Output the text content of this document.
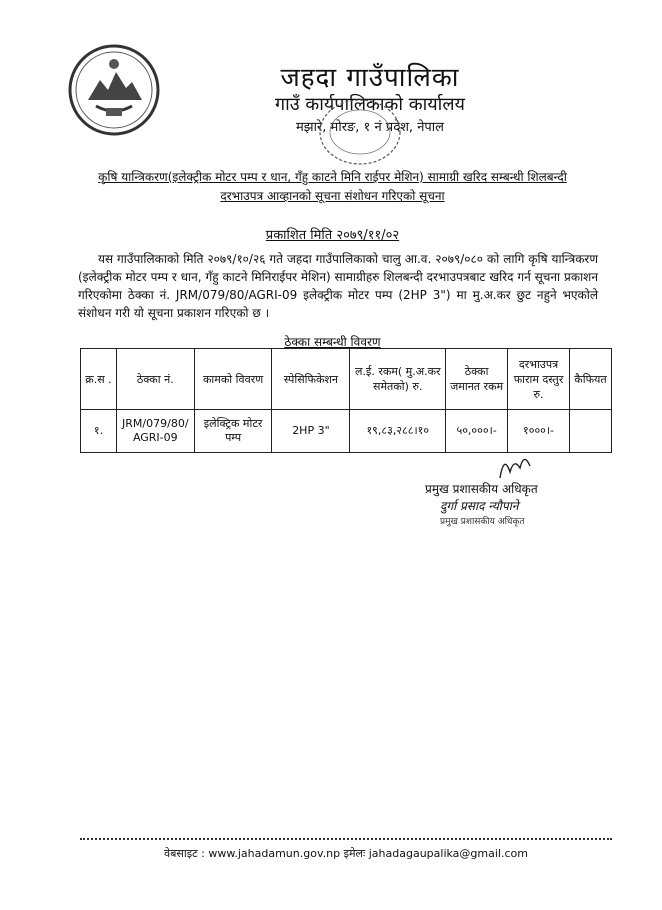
जहदा गाउँपालिका
गाउँ कार्यपालिकाको कार्यालय
मझारे, मोरङ, १ नं प्रदेश, नेपाल
कृषि यान्त्रिकरण(इलेक्ट्रीक मोटर पम्प र धान, गँहु काटने मिनि राईपर मेशिन) सामाग्री खरिद सम्बन्धी शिलबन्दी
दरभाउपत्र आव्हानको सूचना संशोधन गरिएको सूचना
प्रकाशित मिति २०७९/११/०२
यस गाउँपालिकाको मिति २०७९/१०/२६ गते जहदा गाउँपालिकाको चालु आ.व. २०७९/०८० को लागि कृषि यान्त्रिकरण (इलेक्ट्रीक मोटर पम्प र धान, गँहु काटने मिनिराईपर मेशिन) सामाग्रीहरु शिलबन्दी दरभाउपत्रबाट खरिद गर्न सूचना प्रकाशन गरिएकोमा ठेक्का नं. JRM/079/80/AGRI-09 इलेक्ट्रीक मोटर पम्प (2HP 3") मा मु.अ.कर छुट नहुने भएकोले संशोधन गरी यो सूचना प्रकाशन गरिएको छ ।
ठेक्का सम्बन्धी विवरण
क्र.स .	ठेक्का नं.	कामको विवरण	स्पेसिफिकेशन	ल.ई. रकम( मु.अ.कर समेतको) रु.	ठेक्का जमानत रकम	दरभाउपत्र फाराम दस्तुर रु.	कैफियत
१.	JRM/079/80/AGRI-09	इलेक्ट्रिक मोटर पम्प	2HP 3"	१९,८३,२८८।१०	५०,०००।-	१०००।-	
प्रमुख प्रशासकीय अधिकृत
दुर्गा प्रसाद न्यौपाने
प्रमुख प्रशासकीय अधिकृत
वेबसाइट : www.jahadamun.gov.np इमेलः jahadagaupalika@gmail.com
